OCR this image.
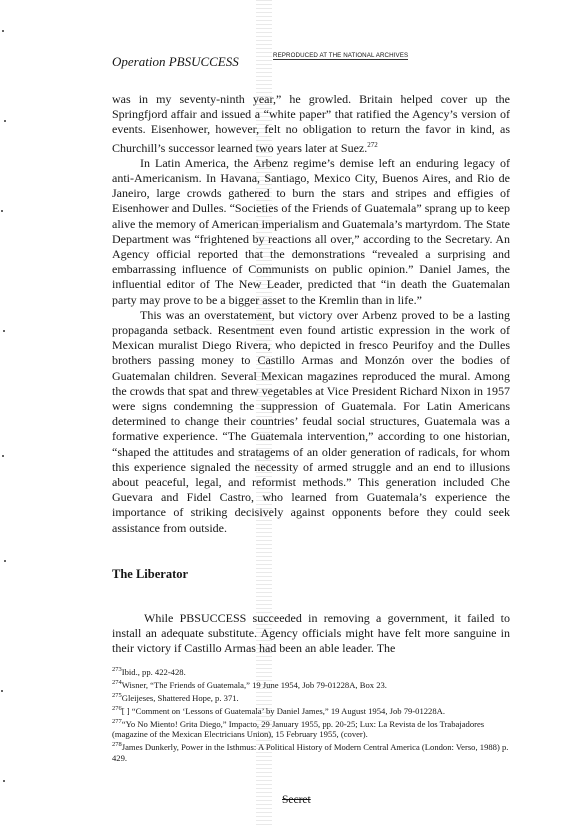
Operation PBSUCCESS	REPRODUCED AT THE NATIONAL ARCHIVES

was in my seventy-ninth year,” he growled. Britain helped cover up the Springfjord affair and issued a “white paper” that ratified the Agency’s version of events. Eisenhower, however, felt no obligation to return the favor in kind, as Churchill’s successor learned two years later at Suez.$^{272}$

In Latin America, the Arbenz regime’s demise left an enduring legacy of anti-Americanism. In Havana, Santiago, Mexico City, Buenos Aires, and Rio de Janeiro, large crowds gathered to burn the stars and stripes and effigies of Eisenhower and Dulles. “Societies of the Friends of Guatemala” sprang up to keep alive the memory of American imperialism and Guatemala’s martyrdom. The State Department was “frightened by reactions all over,” according to the Secretary. An Agency official reported that the demonstrations “revealed a surprising and embarrassing influence of Communists on public opinion.” Daniel James, the influential editor of The New Leader, predicted that “in death the Guatemalan party may prove to be a bigger asset to the Kremlin than in life.”

This was an overstatement, but victory over Arbenz proved to be a lasting propaganda setback. Resentment even found artistic expression in the work of Mexican muralist Diego Rivera, who depicted in fresco Peurifoy and the Dulles brothers passing money to Castillo Armas and Monzón over the bodies of Guatemalan children. Several Mexican magazines reproduced the mural. Among the crowds that spat and threw vegetables at Vice President Richard Nixon in 1957 were signs condemning the suppression of Guatemala. For Latin Americans determined to change their countries’ feudal social structures, Guatemala was a formative experience. “The Guatemala intervention,” according to one historian, “shaped the attitudes and stratagems of an older generation of radicals, for whom this experience signaled the necessity of armed struggle and an end to illusions about peaceful, legal, and reformist methods.” This generation included Che Guevara and Fidel Castro, who learned from Guatemala’s experience the importance of striking decisively against opponents before they could seek assistance from outside.

The Liberator

While PBSUCCESS succeeded in removing a government, it failed to install an adequate substitute. Agency officials might have felt more sanguine in their victory if Castillo Armas had been an able leader. The

$^{273}$Ibid., pp. 422-428.
$^{274}$Wisner, “The Friends of Guatemala,” 19 June 1954, Job 79-01228A, Box 23.
$^{275}$Gleijeses, Shattered Hope, p. 371.
$^{276}$[ ] “Comment on ‘Lessons of Guatemala’ by Daniel James,” 19 August 1954, Job 79-01228A.
$^{277}$“Yo No Miento! Grita Diego,” Impacto, 29 January 1955, pp. 20-25; Lux: La Revista de los Trabajadores (magazine of the Mexican Electricians Union), 15 February 1955, (cover).
$^{278}$James Dunkerly, Power in the Isthmus: A Political History of Modern Central America (London: Verso, 1988) p. 429.
Secret
